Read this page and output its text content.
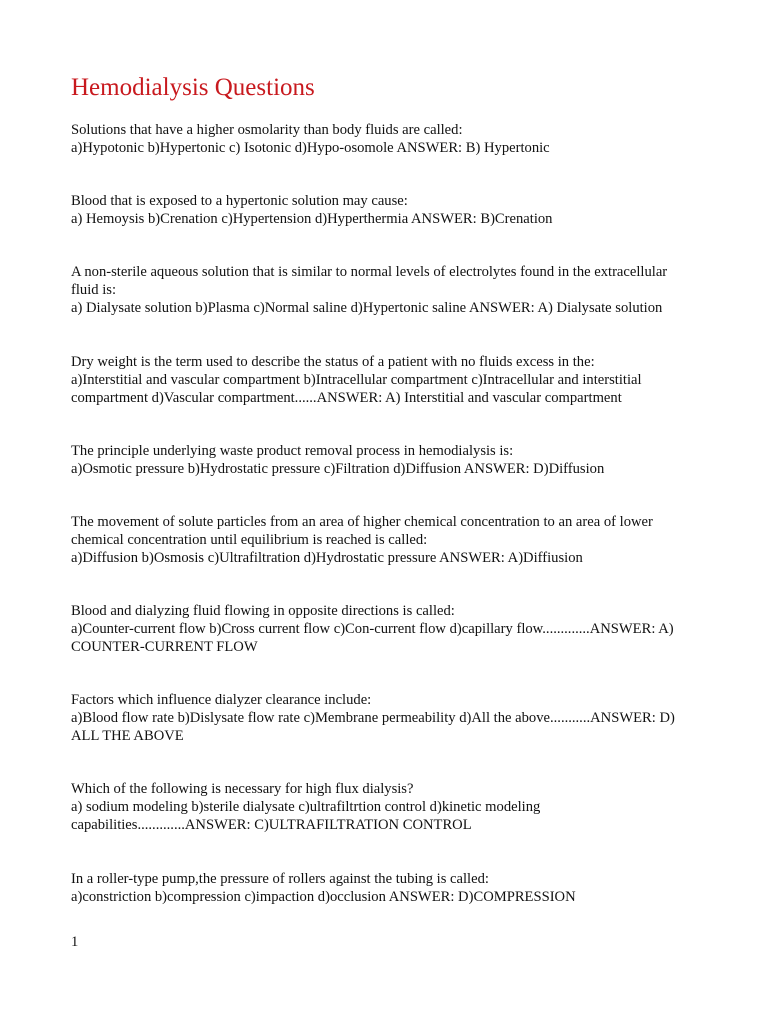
Hemodialysis Questions
Solutions that have a higher osmolarity than body fluids are called:
a)Hypotonic b)Hypertonic c) Isotonic d)Hypo-osomole ANSWER: B) Hypertonic
Blood that is exposed to a hypertonic solution may cause:
a) Hemoysis b)Crenation c)Hypertension d)Hyperthermia ANSWER: B)Crenation
A non-sterile aqueous solution that is similar to normal levels of electrolytes found in the extracellular
fluid is:
a) Dialysate solution b)Plasma c)Normal saline d)Hypertonic saline ANSWER: A) Dialysate solution
Dry weight is the term used to describe the status of a patient with no fluids excess in the:
a)Interstitial and vascular compartment b)Intracellular compartment c)Intracellular and interstitial
compartment d)Vascular compartment......ANSWER: A) Interstitial and vascular compartment
The principle underlying waste product removal process in hemodialysis is:
a)Osmotic pressure b)Hydrostatic pressure c)Filtration d)Diffusion ANSWER: D)Diffusion
The movement of solute particles from an area of higher chemical concentration to an area of lower
chemical concentration until equilibrium is reached is called:
a)Diffusion b)Osmosis c)Ultrafiltration d)Hydrostatic pressure ANSWER: A)Diffiusion
Blood and dialyzing fluid flowing in opposite directions is called:
a)Counter-current flow b)Cross current flow c)Con-current flow d)capillary flow.............ANSWER: A)
COUNTER-CURRENT FLOW
Factors which influence dialyzer clearance include:
a)Blood flow rate b)Dislysate flow rate c)Membrane permeability d)All the above...........ANSWER: D)
ALL THE ABOVE
Which of the following is necessary for high flux dialysis?
a) sodium modeling b)sterile dialysate c)ultrafiltrtion control d)kinetic modeling
capabilities.............ANSWER: C)ULTRAFILTRATION CONTROL
In a roller-type pump,the pressure of rollers against the tubing is called:
a)constriction b)compression c)impaction d)occlusion ANSWER: D)COMPRESSION
1
